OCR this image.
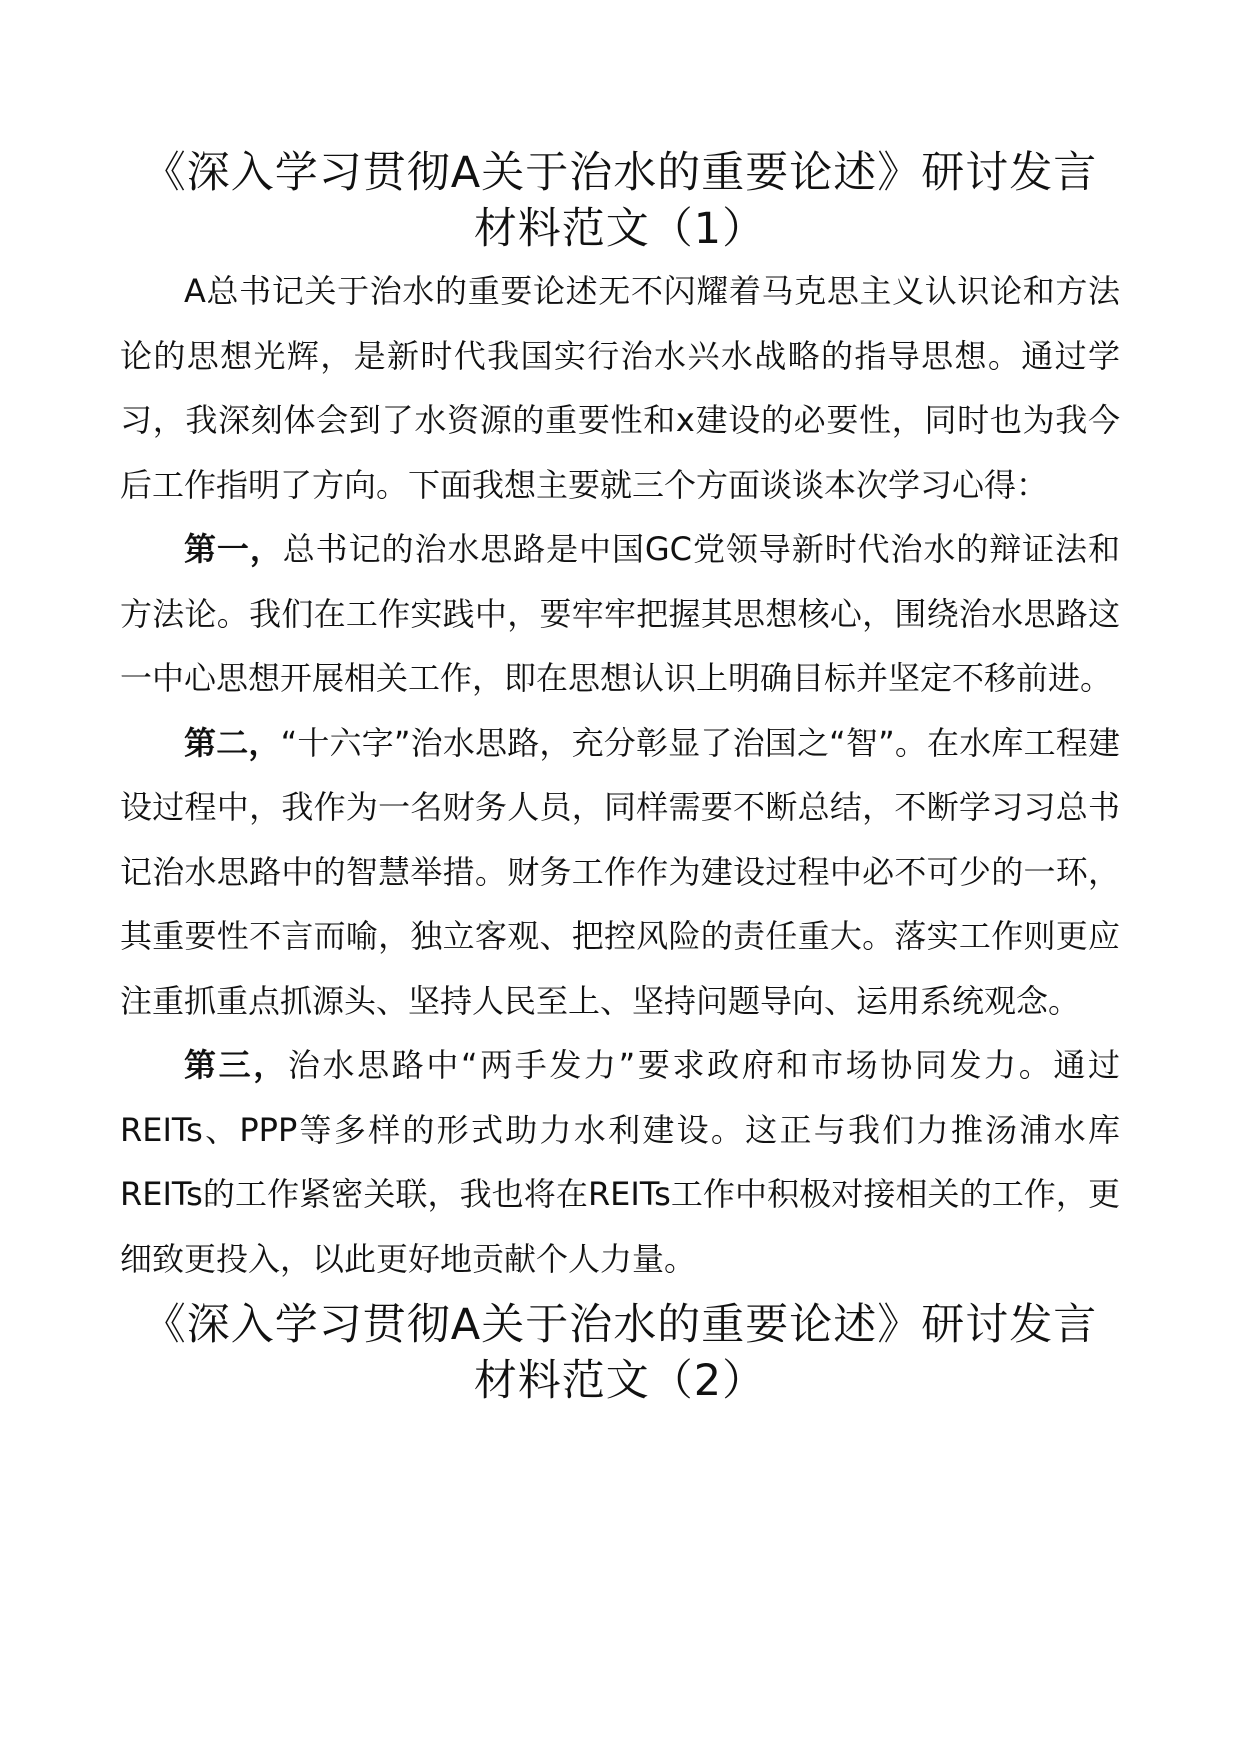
《深入学习贯彻A关于治水的重要论述》研讨发言
材料范文（1）

A总书记关于治水的重要论述无不闪耀着马克思主义认识论和方法论的思想光辉，是新时代我国实行治水兴水战略的指导思想。通过学习，我深刻体会到了水资源的重要性和x建设的必要性，同时也为我今后工作指明了方向。下面我想主要就三个方面谈谈本次学习心得：

第一，总书记的治水思路是中国GC党领导新时代治水的辩证法和方法论。我们在工作实践中，要牢牢把握其思想核心，围绕治水思路这一中心思想开展相关工作，即在思想认识上明确目标并坚定不移前进。

第二，“十六字”治水思路，充分彰显了治国之“智”。在水库工程建设过程中，我作为一名财务人员，同样需要不断总结，不断学习习总书记治水思路中的智慧举措。财务工作作为建设过程中必不可少的一环，其重要性不言而喻，独立客观、把控风险的责任重大。落实工作则更应注重抓重点抓源头、坚持人民至上、坚持问题导向、运用系统观念。

第三，治水思路中“两手发力”要求政府和市场协同发力。通过REITs、PPP等多样的形式助力水利建设。这正与我们力推汤浦水库REITs的工作紧密关联，我也将在REITs工作中积极对接相关的工作，更细致更投入，以此更好地贡献个人力量。

《深入学习贯彻A关于治水的重要论述》研讨发言
材料范文（2）
